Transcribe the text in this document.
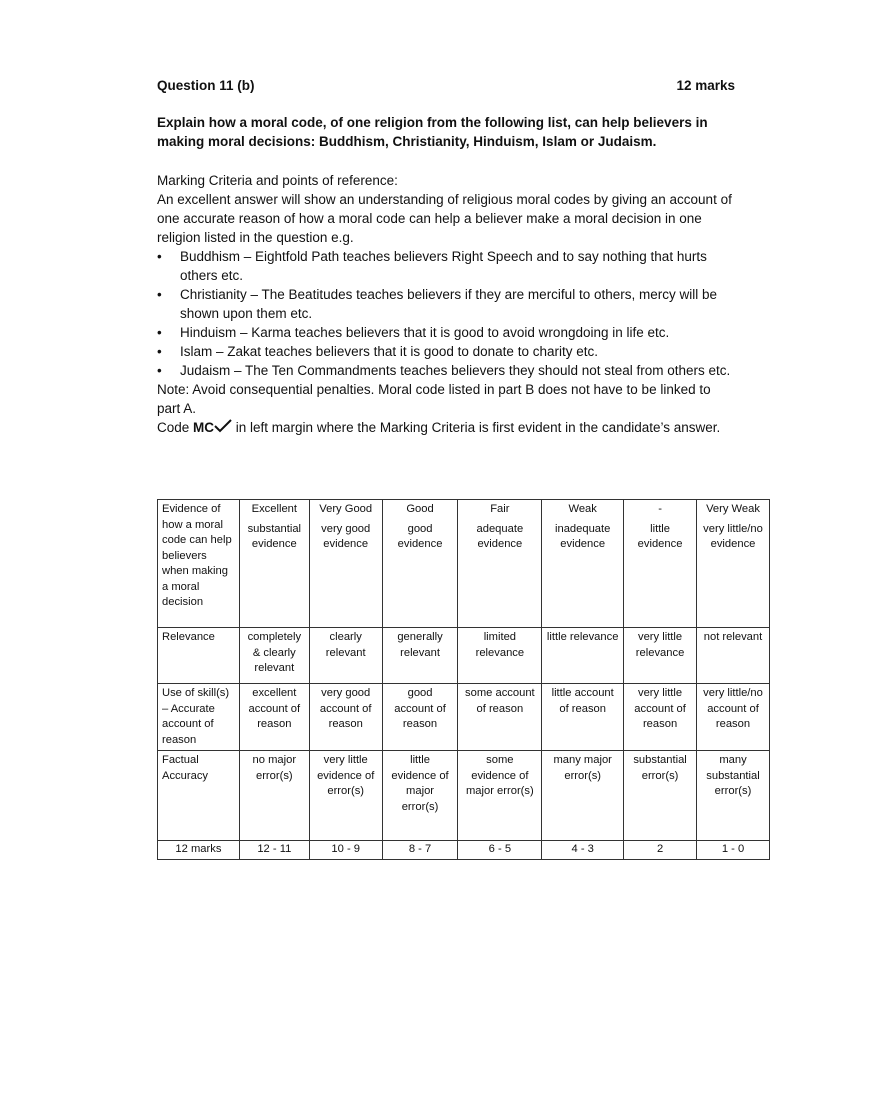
Question 11 (b)	12 marks
Explain how a moral code, of one religion from the following list, can help believers in making moral decisions: Buddhism, Christianity, Hinduism, Islam or Judaism.

Marking Criteria and points of reference:

An excellent answer will show an understanding of religious moral codes by giving an account of one accurate reason of how a moral code can help a believer make a moral decision in one religion listed in the question e.g.

• Buddhism – Eightfold Path teaches believers Right Speech and to say nothing that hurts others etc.
• Christianity – The Beatitudes teaches believers if they are merciful to others, mercy will be shown upon them etc.
• Hinduism – Karma teaches believers that it is good to avoid wrongdoing in life etc.
• Islam – Zakat teaches believers that it is good to donate to charity etc.
• Judaism – The Ten Commandments teaches believers they should not steal from others etc.

Note: Avoid consequential penalties. Moral code listed in part B does not have to be linked to part A.

Code MC in left margin where the Marking Criteria is first evident in the candidate’s answer.

Evidence of how a moral code can help believers when making a moral decision	Excellent	Very Good	Good	Fair	Weak	-	Very Weak
	substantial evidence	very good evidence	good evidence	adequate evidence	inadequate evidence	little evidence	very little/no evidence
Relevance	completely & clearly relevant	clearly relevant	generally relevant	limited relevance	little relevance	very little relevance	not relevant
Use of skill(s) – Accurate account of reason	excellent account of reason	very good account of reason	good account of reason	some account of reason	little account of reason	very little account of reason	very little/no account of reason
Factual Accuracy	no major error(s)	very little evidence of error(s)	little evidence of major error(s)	some evidence of major error(s)	many major error(s)	substantial error(s)	many substantial error(s)
12 marks	12 - 11	10 - 9	8 - 7	6 - 5	4 - 3	2	1 - 0
